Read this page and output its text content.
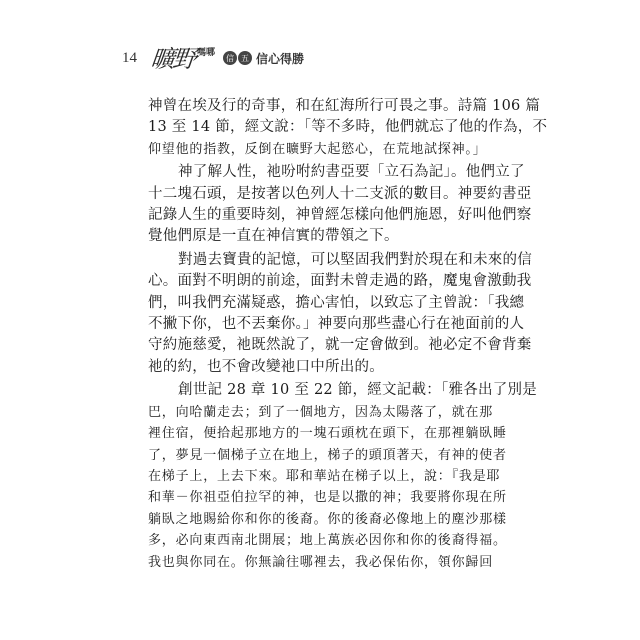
14 曠野 嗎哪
信 五 信心得勝
神曾在埃及行的奇事，和在紅海所行可畏之事。詩篇 106 篇
13 至 14 節，經文說：「等不多時，他們就忘了他的作為，不
仰望他的指教，反倒在曠野大起慾心，在荒地試探神。」
神了解人性，祂吩咐約書亞要「立石為記」。他們立了
十二塊石頭，是按著以色列人十二支派的數目。神要約書亞
記錄人生的重要時刻，神曾經怎樣向他們施恩，好叫他們察
覺他們原是一直在神信實的帶領之下。
對過去寶貴的記憶，可以堅固我們對於現在和未來的信
心。面對不明朗的前途，面對未曾走過的路，魔鬼會激動我
們，叫我們充滿疑惑，擔心害怕，以致忘了主曾說：「我總
不撇下你，也不丟棄你。」神要向那些盡心行在祂面前的人
守約施慈愛，祂既然說了，就一定會做到。祂必定不會背棄
祂的約，也不會改變祂口中所出的。
創世記 28 章 10 至 22 節，經文記載：「雅各出了別是
巴，向哈蘭走去；到了一個地方，因為太陽落了，就在那
裡住宿，便拾起那地方的一塊石頭枕在頭下，在那裡躺臥睡
了，夢見一個梯子立在地上，梯子的頭頂著天，有神的使者
在梯子上，上去下來。耶和華站在梯子以上，說：『我是耶
和華－你祖亞伯拉罕的神，也是以撒的神；我要將你現在所
躺臥之地賜給你和你的後裔。你的後裔必像地上的塵沙那樣
多，必向東西南北開展；地上萬族必因你和你的後裔得福。
我也與你同在。你無論往哪裡去，我必保佑你，領你歸回
